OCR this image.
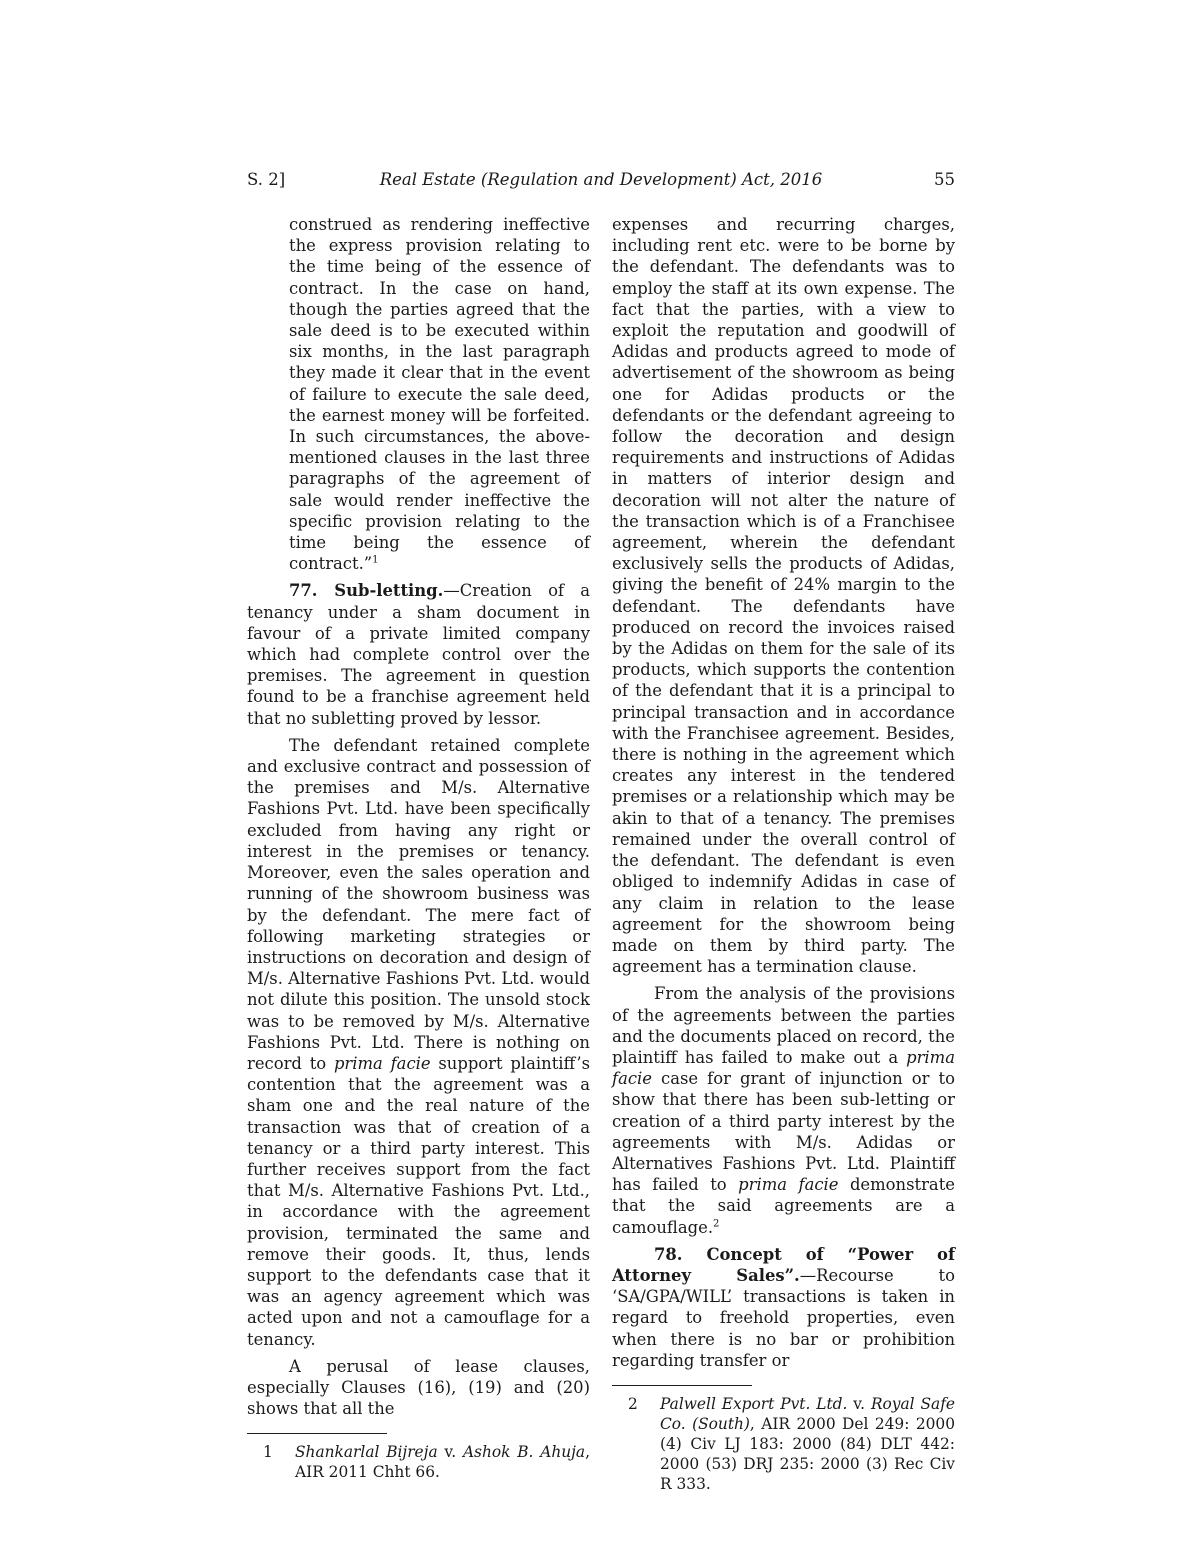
S. 2]	Real Estate (Regulation and Development) Act, 2016	55

construed as rendering ineffective the express provision relating to the time being of the essence of contract. In the case on hand, though the parties agreed that the sale deed is to be executed within six months, in the last paragraph they made it clear that in the event of failure to execute the sale deed, the earnest money will be forfeited. In such circumstances, the above-mentioned clauses in the last three paragraphs of the agreement of sale would render ineffective the specific provision relating to the time being the essence of contract.”$^1$

77. Sub-letting.—Creation of a tenancy under a sham document in favour of a private limited company which had complete control over the premises. The agreement in question found to be a franchise agreement held that no subletting proved by lessor.

The defendant retained complete and exclusive contract and possession of the premises and M/s. Alternative Fashions Pvt. Ltd. have been specifically excluded from having any right or interest in the premises or tenancy. Moreover, even the sales operation and running of the showroom business was by the defendant. The mere fact of following marketing strategies or instructions on decoration and design of M/s. Alternative Fashions Pvt. Ltd. would not dilute this position. The unsold stock was to be removed by M/s. Alternative Fashions Pvt. Ltd. There is nothing on record to prima facie support plaintiff’s contention that the agreement was a sham one and the real nature of the transaction was that of creation of a tenancy or a third party interest. This further receives support from the fact that M/s. Alternative Fashions Pvt. Ltd., in accordance with the agreement provision, terminated the same and remove their goods. It, thus, lends support to the defendants case that it was an agency agreement which was acted upon and not a camouflage for a tenancy.

A perusal of lease clauses, especially Clauses (16), (19) and (20) shows that all the

1	Shankarlal Bijreja v. Ashok B. Ahuja, AIR 2011 Chht 66.

expenses and recurring charges, including rent etc. were to be borne by the defendant. The defendants was to employ the staff at its own expense. The fact that the parties, with a view to exploit the reputation and goodwill of Adidas and products agreed to mode of advertisement of the showroom as being one for Adidas products or the defendants or the defendant agreeing to follow the decoration and design requirements and instructions of Adidas in matters of interior design and decoration will not alter the nature of the transaction which is of a Franchisee agreement, wherein the defendant exclusively sells the products of Adidas, giving the benefit of 24% margin to the defendant. The defendants have produced on record the invoices raised by the Adidas on them for the sale of its products, which supports the contention of the defendant that it is a principal to principal transaction and in accordance with the Franchisee agreement. Besides, there is nothing in the agreement which creates any interest in the tendered premises or a relationship which may be akin to that of a tenancy. The premises remained under the overall control of the defendant. The defendant is even obliged to indemnify Adidas in case of any claim in relation to the lease agreement for the showroom being made on them by third party. The agreement has a termination clause.

From the analysis of the provisions of the agreements between the parties and the documents placed on record, the plaintiff has failed to make out a prima facie case for grant of injunction or to show that there has been sub-letting or creation of a third party interest by the agreements with M/s. Adidas or Alternatives Fashions Pvt. Ltd. Plaintiff has failed to prima facie demonstrate that the said agreements are a camouflage.$^2$

78. Concept of “Power of Attorney Sales”.—Recourse to ‘SA/GPA/WILL’ transactions is taken in regard to freehold properties, even when there is no bar or prohibition regarding transfer or

2	Palwell Export Pvt. Ltd. v. Royal Safe Co. (South), AIR 2000 Del 249: 2000 (4) Civ LJ 183: 2000 (84) DLT 442: 2000 (53) DRJ 235: 2000 (3) Rec Civ R 333.
